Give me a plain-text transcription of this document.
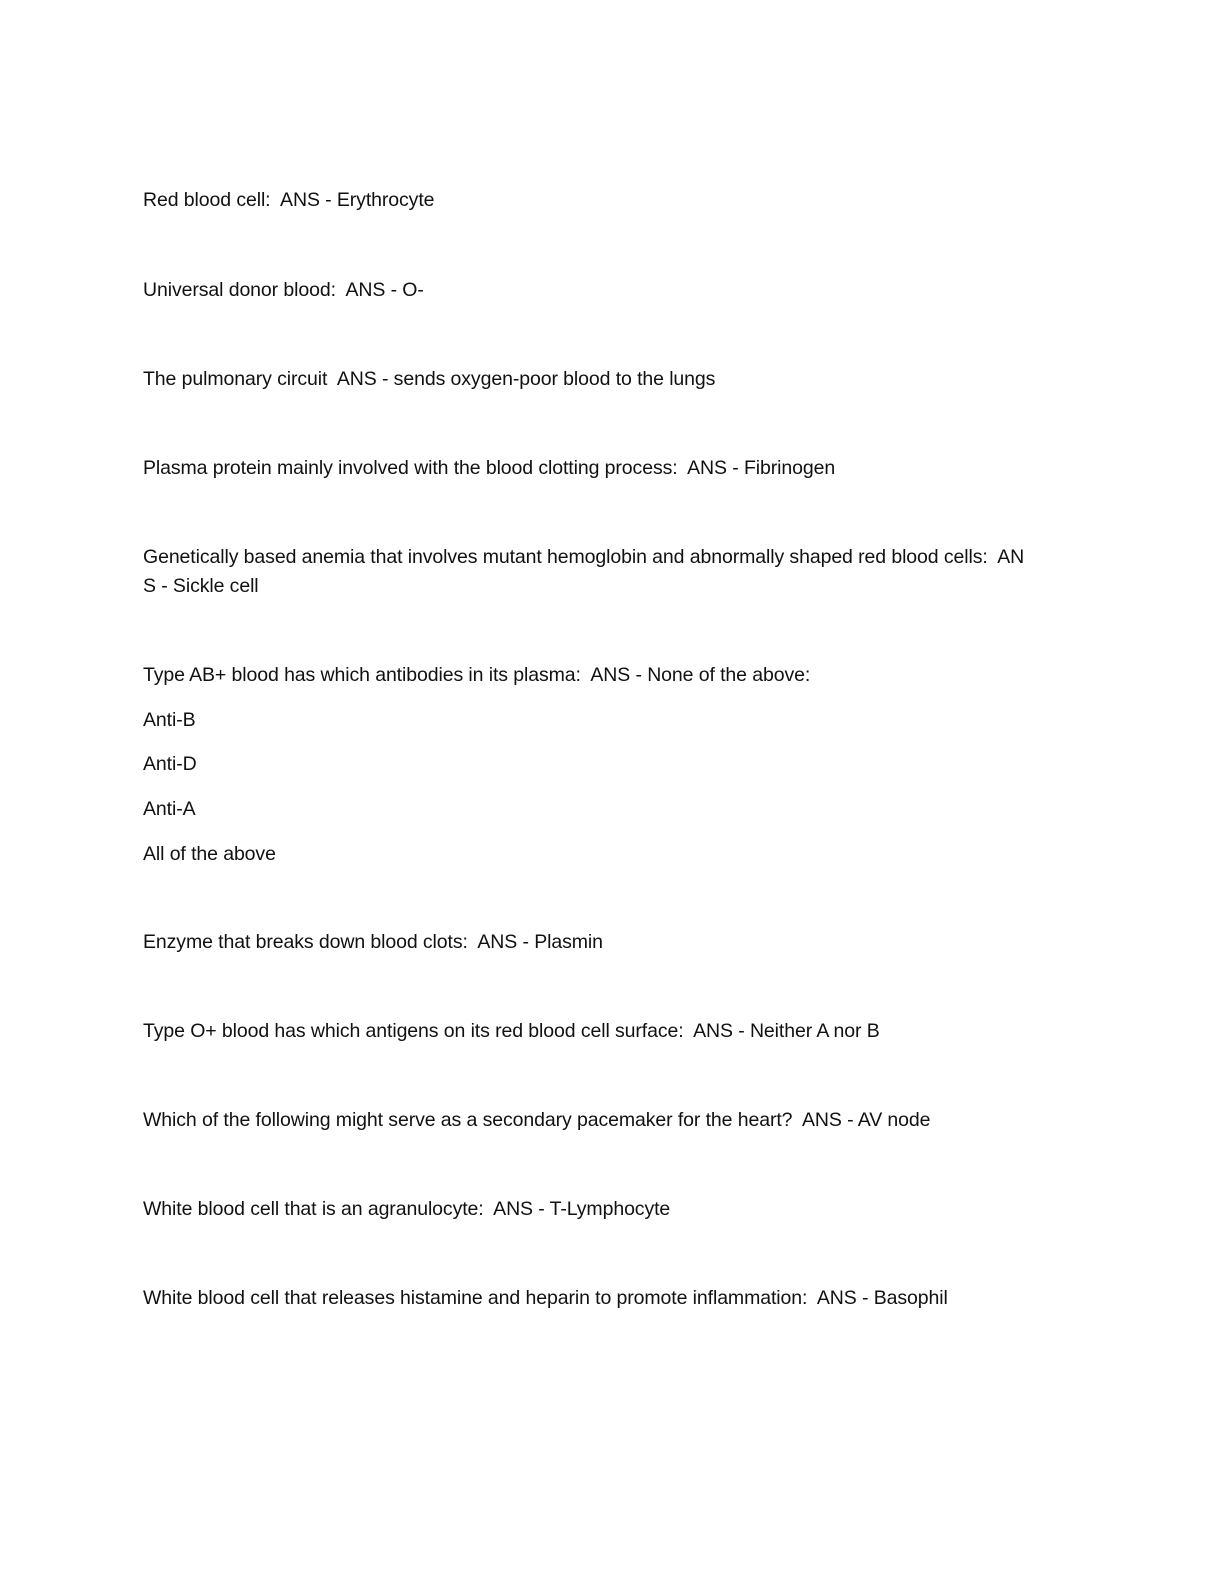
Red blood cell:  ANS - Erythrocyte
Universal donor blood:  ANS - O-
The pulmonary circuit  ANS - sends oxygen-poor blood to the lungs
Plasma protein mainly involved with the blood clotting process:  ANS - Fibrinogen
Genetically based anemia that involves mutant hemoglobin and abnormally shaped red blood cells:  AN
S - Sickle cell
Type AB+ blood has which antibodies in its plasma:  ANS - None of the above:
Anti-B
Anti-D
Anti-A
All of the above
Enzyme that breaks down blood clots:  ANS - Plasmin
Type O+ blood has which antigens on its red blood cell surface:  ANS - Neither A nor B
Which of the following might serve as a secondary pacemaker for the heart?  ANS - AV node
White blood cell that is an agranulocyte:  ANS - T-Lymphocyte
White blood cell that releases histamine and heparin to promote inflammation:  ANS - Basophil
